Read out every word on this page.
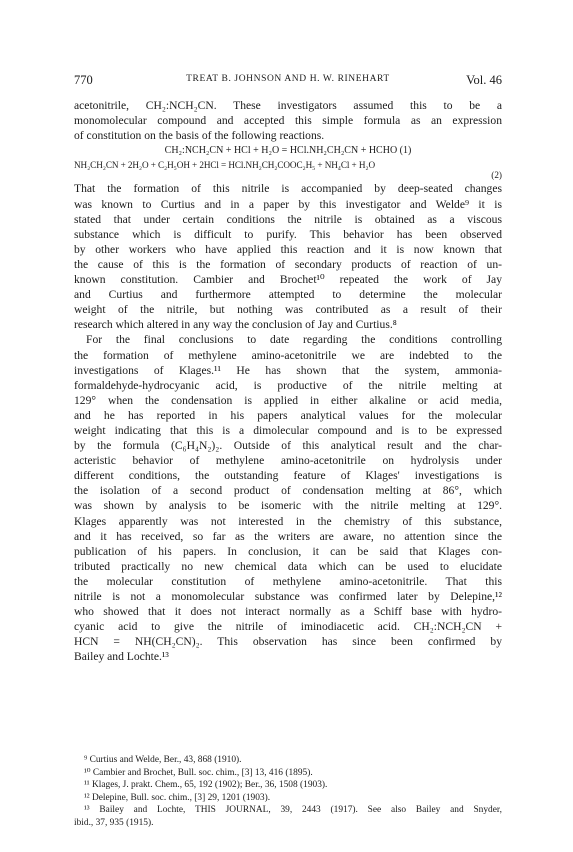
770	TREAT B. JOHNSON AND H. W. RINEHART	Vol. 46
acetonitrile, CH₂:NCH₂CN. These investigators assumed this to be a
monomolecular compound and accepted this simple formula as an expression
of constitution on the basis of the following reactions.
CH₂:NCH₂CN + HCl + H₂O = HCl.NH₂CH₂CN + HCHO (1)
NH₂CH₂CN + 2H₂O + C₂H₅OH + 2HCl = HCl.NH₂CH₂COOC₂H₅ + NH₄Cl + H₂O
(2)
That the formation of this nitrile is accompanied by deep-seated changes
was known to Curtius and in a paper by this investigator and Welde⁹ it is
stated that under certain conditions the nitrile is obtained as a viscous
substance which is difficult to purify. This behavior has been observed
by other workers who have applied this reaction and it is now known that
the cause of this is the formation of secondary products of reaction of un-
known constitution. Cambier and Brochet¹⁰ repeated the work of Jay
and Curtius and furthermore attempted to determine the molecular
weight of the nitrile, but nothing was contributed as a result of their
research which altered in any way the conclusion of Jay and Curtius.⁸
For the final conclusions to date regarding the conditions controlling
the formation of methylene amino-acetonitrile we are indebted to the
investigations of Klages.¹¹ He has shown that the system, ammonia-
formaldehyde-hydrocyanic acid, is productive of the nitrile melting at
129° when the condensation is applied in either alkaline or acid media,
and he has reported in his papers analytical values for the molecular
weight indicating that this is a dimolecular compound and is to be expressed
by the formula (C₆H₄N₂)₂. Outside of this analytical result and the char-
acteristic behavior of methylene amino-acetonitrile on hydrolysis under
different conditions, the outstanding feature of Klages' investigations is
the isolation of a second product of condensation melting at 86°, which
was shown by analysis to be isomeric with the nitrile melting at 129°.
Klages apparently was not interested in the chemistry of this substance,
and it has received, so far as the writers are aware, no attention since the
publication of his papers. In conclusion, it can be said that Klages con-
tributed practically no new chemical data which can be used to elucidate
the molecular constitution of methylene amino-acetonitrile. That this
nitrile is not a monomolecular substance was confirmed later by Delepine,¹²
who showed that it does not interact normally as a Schiff base with hydro-
cyanic acid to give the nitrile of iminodiacetic acid. CH₂:NCH₂CN +
HCN = NH(CH₂CN)₂. This observation has since been confirmed by
Bailey and Lochte.¹³
⁹ Curtius and Welde, Ber., 43, 868 (1910).
¹⁰ Cambier and Brochet, Bull. soc. chim., [3] 13, 416 (1895).
¹¹ Klages, J. prakt. Chem., 65, 192 (1902); Ber., 36, 1508 (1903).
¹² Delepine, Bull. soc. chim., [3] 29, 1201 (1903).
¹³ Bailey and Lochte, THIS JOURNAL, 39, 2443 (1917). See also Bailey and Snyder,
ibid., 37, 935 (1915).
